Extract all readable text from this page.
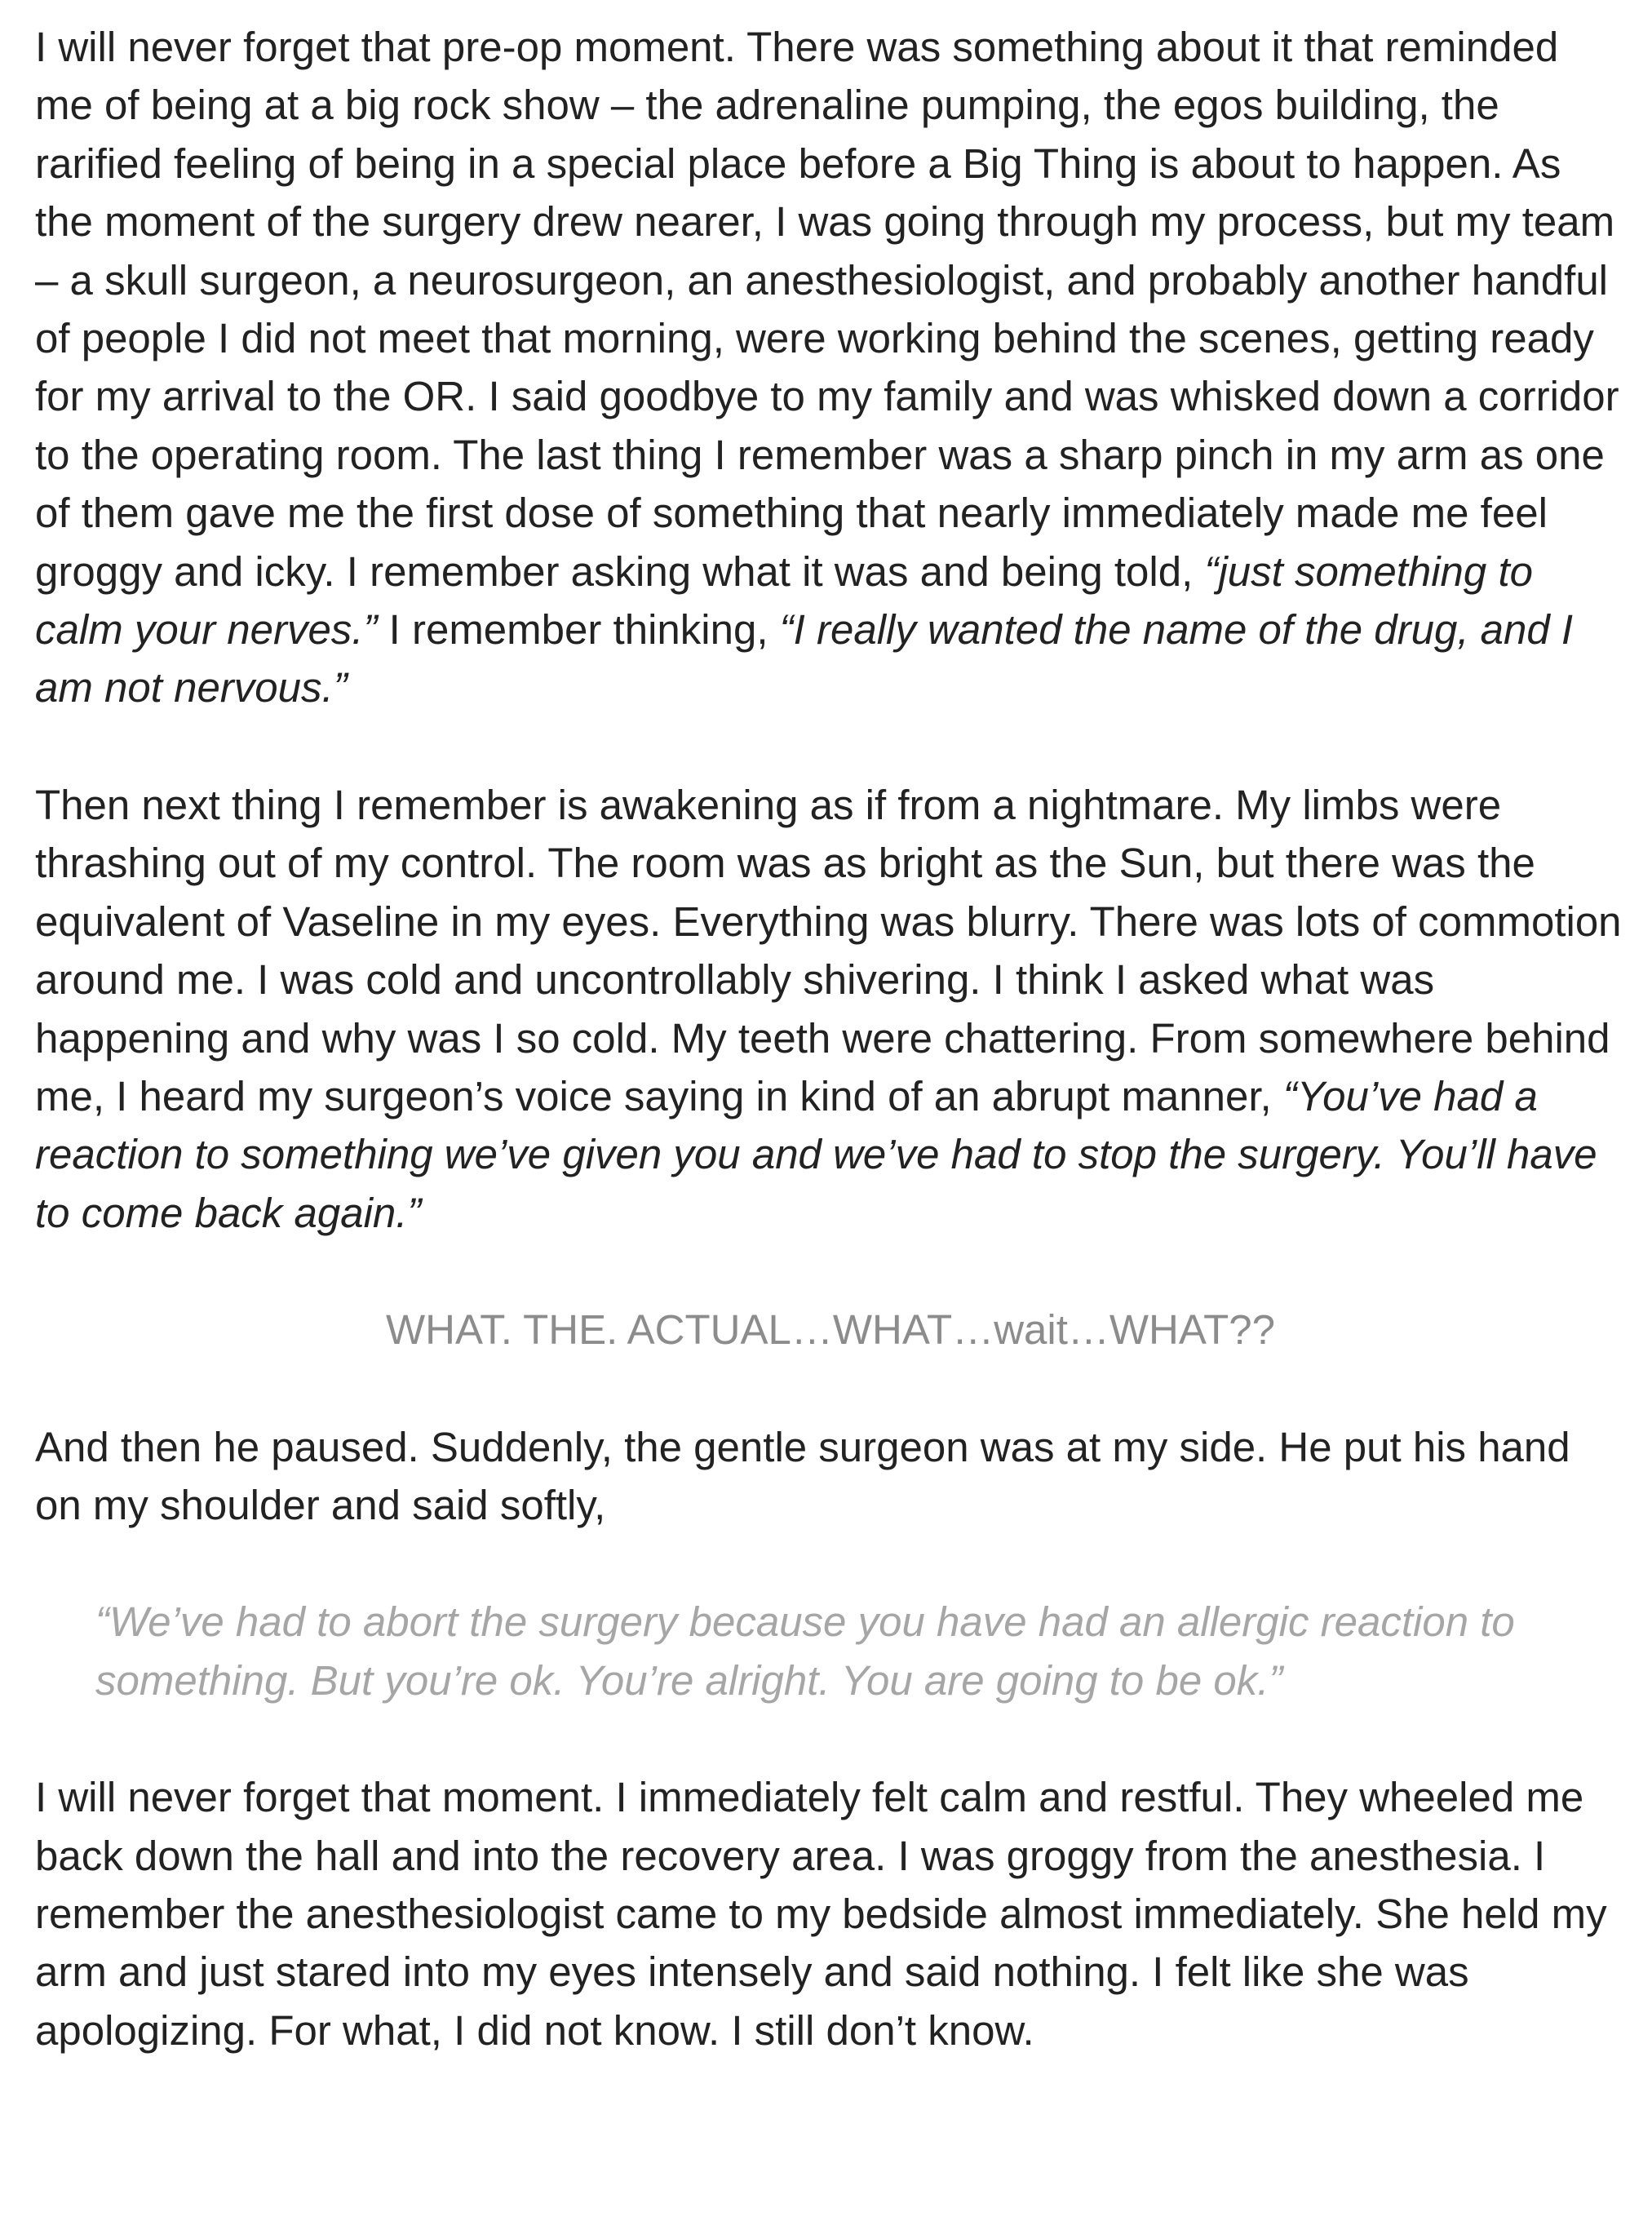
I will never forget that pre-op moment. There was something about it that reminded me of being at a big rock show – the adrenaline pumping, the egos building, the rarified feeling of being in a special place before a Big Thing is about to happen. As the moment of the surgery drew nearer, I was going through my process, but my team – a skull surgeon, a neurosurgeon, an anesthesiologist, and probably another handful of people I did not meet that morning, were working behind the scenes, getting ready for my arrival to the OR. I said goodbye to my family and was whisked down a corridor to the operating room. The last thing I remember was a sharp pinch in my arm as one of them gave me the first dose of something that nearly immediately made me feel groggy and icky. I remember asking what it was and being told, “just something to calm your nerves.” I remember thinking, “I really wanted the name of the drug, and I am not nervous.”

Then next thing I remember is awakening as if from a nightmare. My limbs were thrashing out of my control. The room was as bright as the Sun, but there was the equivalent of Vaseline in my eyes. Everything was blurry. There was lots of commotion around me. I was cold and uncontrollably shivering. I think I asked what was happening and why was I so cold. My teeth were chattering. From somewhere behind me, I heard my surgeon’s voice saying in kind of an abrupt manner, “You’ve had a reaction to something we’ve given you and we’ve had to stop the surgery. You’ll have to come back again.”

WHAT. THE. ACTUAL…WHAT…wait…WHAT??

And then he paused. Suddenly, the gentle surgeon was at my side. He put his hand on my shoulder and said softly,

“We’ve had to abort the surgery because you have had an allergic reaction to something. But you’re ok. You’re alright. You are going to be ok.”

I will never forget that moment. I immediately felt calm and restful. They wheeled me back down the hall and into the recovery area. I was groggy from the anesthesia. I remember the anesthesiologist came to my bedside almost immediately. She held my arm and just stared into my eyes intensely and said nothing. I felt like she was apologizing. For what, I did not know. I still don’t know.
